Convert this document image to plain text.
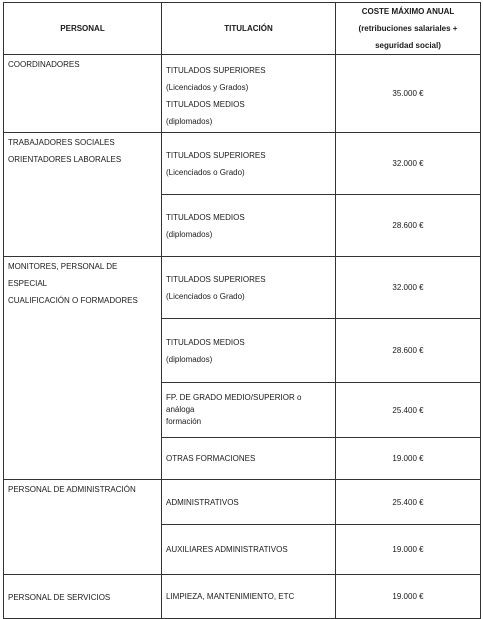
PERSONAL	TITULACIÓN	COSTE MÁXIMO ANUAL
(retribuciones salariales +
seguridad social)

COORDINADORES	TITULADOS SUPERIORES
(Licenciados y Grados)
TITULADOS MEDIOS
(diplomados)	35.000 €

TRABAJADORES SOCIALES
ORIENTADORES LABORALES	TITULADOS SUPERIORES
(Licenciados o Grado)	32.000 €

	TITULADOS MEDIOS
(diplomados)	28.600 €

MONITORES, PERSONAL DE ESPECIAL
CUALIFICACIÓN O FORMADORES	TITULADOS SUPERIORES
(Licenciados o Grado)	32.000 €

	TITULADOS MEDIOS
(diplomados)	28.600 €

	FP. DE GRADO MEDIO/SUPERIOR o análoga
formación	25.400 €

	OTRAS FORMACIONES	19.000 €
PERSONAL DE ADMINISTRACIÓN	ADMINISTRATIVOS	25.400 €

	AUXILIARES ADMINISTRATIVOS	19.000 €
PERSONAL DE SERVICIOS	LIMPIEZA, MANTENIMIENTO, ETC	19.000 €
